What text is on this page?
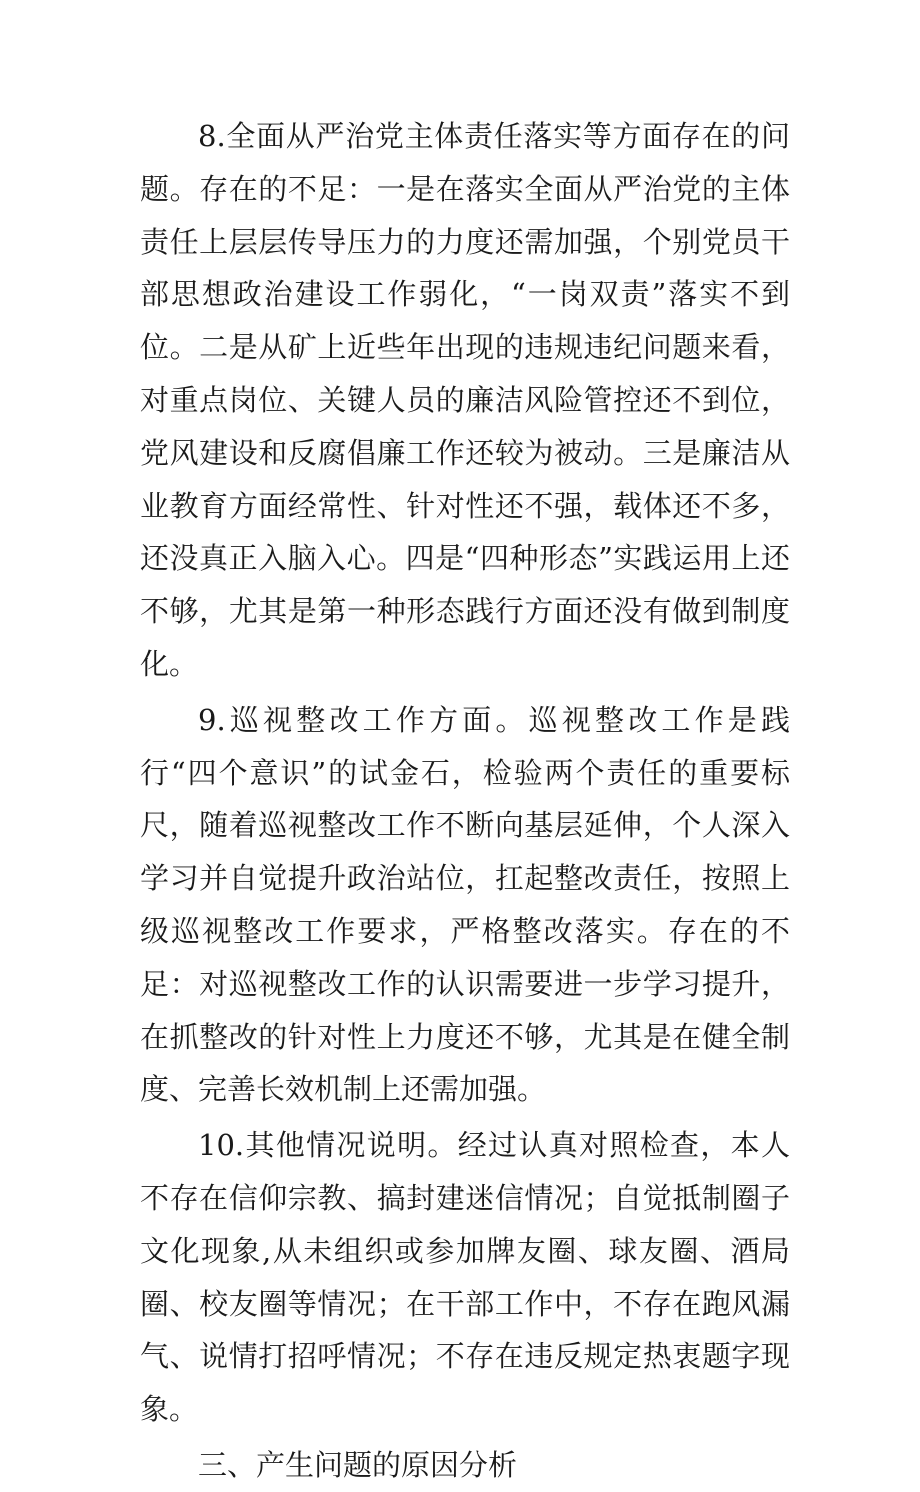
8.全面从严治党主体责任落实等方面存在的问题。存在的不足：一是在落实全面从严治党的主体责任上层层传导压力的力度还需加强，个别党员干部思想政治建设工作弱化，“一岗双责”落实不到位。二是从矿上近些年出现的违规违纪问题来看，对重点岗位、关键人员的廉洁风险管控还不到位，党风建设和反腐倡廉工作还较为被动。三是廉洁从业教育方面经常性、针对性还不强，载体还不多，还没真正入脑入心。四是“四种形态”实践运用上还不够，尤其是第一种形态践行方面还没有做到制度化。

9.巡视整改工作方面。巡视整改工作是践行“四个意识”的试金石，检验两个责任的重要标尺，随着巡视整改工作不断向基层延伸，个人深入学习并自觉提升政治站位，扛起整改责任，按照上级巡视整改工作要求，严格整改落实。存在的不足：对巡视整改工作的认识需要进一步学习提升，在抓整改的针对性上力度还不够，尤其是在健全制度、完善长效机制上还需加强。

10.其他情况说明。经过认真对照检查，本人不存在信仰宗教、搞封建迷信情况；自觉抵制圈子文化现象,从未组织或参加牌友圈、球友圈、酒局圈、校友圈等情况；在干部工作中，不存在跑风漏气、说情打招呼情况；不存在违反规定热衷题字现象。

三、产生问题的原因分析
